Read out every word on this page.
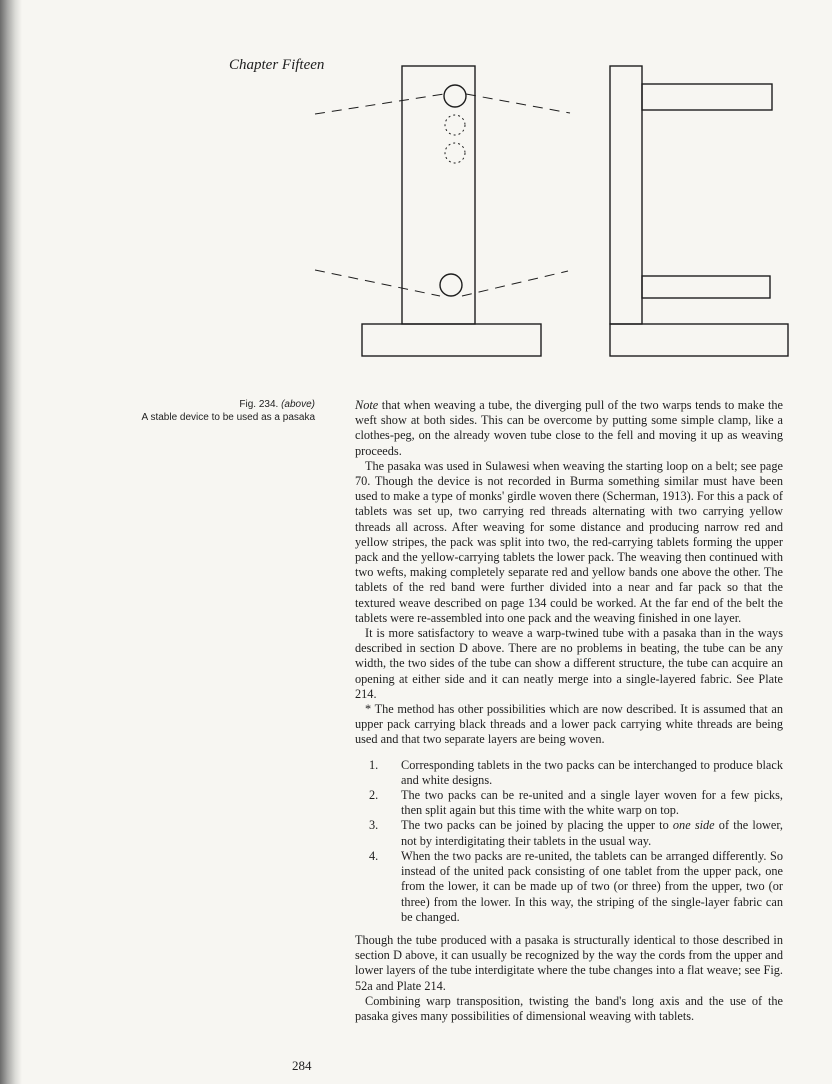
Chapter Fifteen
Fig. 234. (above)
A stable device to be used as a pasaka

Note that when weaving a tube, the diverging pull of the two warps tends to make the weft show at both sides. This can be overcome by putting some simple clamp, like a clothes-peg, on the already woven tube close to the fell and moving it up as weaving proceeds.

The pasaka was used in Sulawesi when weaving the starting loop on a belt; see page 70. Though the device is not recorded in Burma something similar must have been used to make a type of monks' girdle woven there (Scherman, 1913). For this a pack of tablets was set up, two carrying red threads alternating with two carrying yellow threads all across. After weaving for some distance and producing narrow red and yellow stripes, the pack was split into two, the red-carrying tablets forming the upper pack and the yellow-carrying tablets the lower pack. The weaving then continued with two wefts, making completely separate red and yellow bands one above the other. The tablets of the red band were further divided into a near and far pack so that the textured weave described on page 134 could be worked. At the far end of the belt the tablets were re-assembled into one pack and the weaving finished in one layer.

It is more satisfactory to weave a warp-twined tube with a pasaka than in the ways described in section D above. There are no problems in beating, the tube can be any width, the two sides of the tube can show a different structure, the tube can acquire an opening at either side and it can neatly merge into a single-layered fabric. See Plate 214.

* The method has other possibilities which are now described. It is assumed that an upper pack carrying black threads and a lower pack carrying white threads are being used and that two separate layers are being woven.

1.	Corresponding tablets in the two packs can be interchanged to produce black and white designs.
2.	The two packs can be re-united and a single layer woven for a few picks, then split again but this time with the white warp on top.
3.	The two packs can be joined by placing the upper to one side of the lower, not by interdigitating their tablets in the usual way.
4.	When the two packs are re-united, the tablets can be arranged differently. So instead of the united pack consisting of one tablet from the upper pack, one from the lower, it can be made up of two (or three) from the upper, two (or three) from the lower. In this way, the striping of the single-layer fabric can be changed.

Though the tube produced with a pasaka is structurally identical to those described in section D above, it can usually be recognized by the way the cords from the upper and lower layers of the tube interdigitate where the tube changes into a flat weave; see Fig. 52a and Plate 214.

Combining warp transposition, twisting the band's long axis and the use of the pasaka gives many possibilities of dimensional weaving with tablets.

284
